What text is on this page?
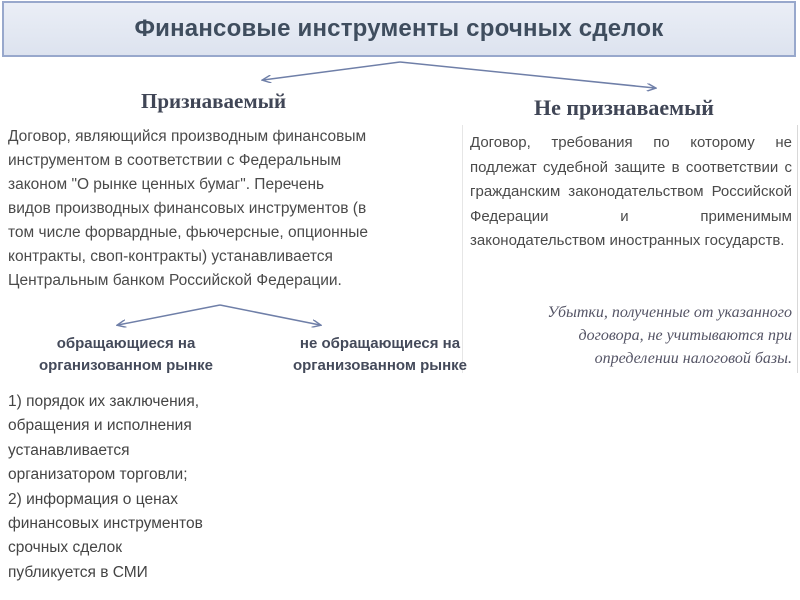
Финансовые инструменты срочных сделок
Признаваемый	Не признаваемый
Договор, являющийся производным финансовым
инструментом в соответствии с Федеральным
законом "О рынке ценных бумаг". Перечень
видов производных финансовых инструментов (в
том числе форвардные, фьючерсные, опционные
контракты, своп-контракты) устанавливается
Центральным банком Российской Федерации.
Договор, требования по которому не подлежат судебной защите в соответствии с гражданским законодательством Российской Федерации и применимым законодательством иностранных государств.
Убытки, полученные от указанного
договора, не учитываются при
определении налоговой базы.
обращающиеся на
организованном рынке
не обращающиеся на
организованном рынке
1) порядок их заключения,
обращения и исполнения
устанавливается
организатором торговли;
2) информация о ценах
финансовых инструментов
срочных сделок
публикуется в СМИ
